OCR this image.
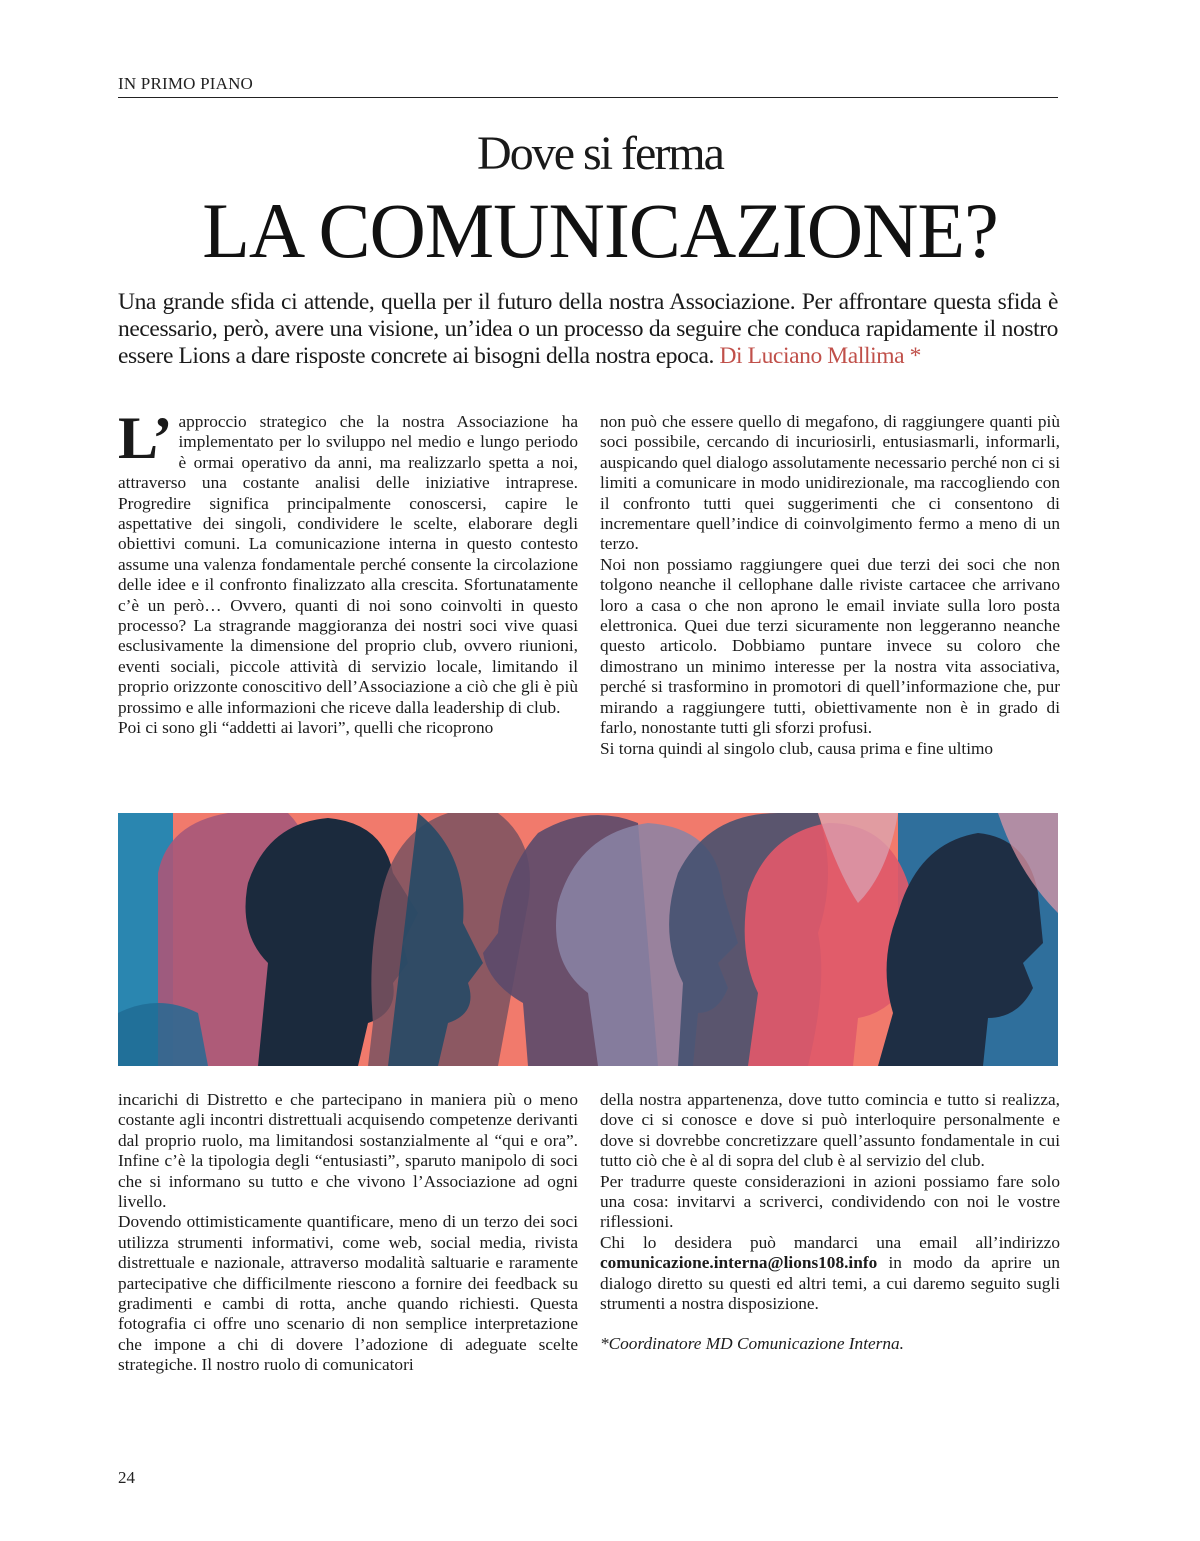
IN PRIMO PIANO
Dove si ferma
LA COMUNICAZIONE?
Una grande sfida ci attende, quella per il futuro della nostra Associazione. Per affrontare questa sfida è necessario, però, avere una visione, un’idea o un processo da seguire che conduca rapidamente il nostro essere Lions a dare risposte concrete ai bisogni della nostra epoca. Di Luciano Mallima *

L’ approccio strategico che la nostra Associazione ha implementato per lo sviluppo nel medio e lungo periodo è ormai operativo da anni, ma realizzarlo spetta a noi, attraverso una costante analisi delle iniziative intraprese. Progredire significa principalmente conoscersi, capire le aspettative dei singoli, condividere le scelte, elaborare degli obiettivi comuni. La comunicazione interna in questo contesto assume una valenza fondamentale perché consente la circolazione delle idee e il confronto finalizzato alla crescita. Sfortunatamente c’è un però… Ovvero, quanti di noi sono coinvolti in questo processo? La stragrande maggioranza dei nostri soci vive quasi esclusivamente la dimensione del proprio club, ovvero riunioni, eventi sociali, piccole attività di servizio locale, limitando il proprio orizzonte conoscitivo dell’Associazione a ciò che gli è più prossimo e alle informazioni che riceve dalla leadership di club.

Poi ci sono gli “addetti ai lavori”, quelli che ricoprono

non può che essere quello di megafono, di raggiungere quanti più soci possibile, cercando di incuriosirli, entusiasmarli, informarli, auspicando quel dialogo assolutamente necessario perché non ci si limiti a comunicare in modo unidirezionale, ma raccogliendo con il confronto tutti quei suggerimenti che ci consentono di incrementare quell’indice di coinvolgimento fermo a meno di un terzo.

Noi non possiamo raggiungere quei due terzi dei soci che non tolgono neanche il cellophane dalle riviste cartacee che arrivano loro a casa o che non aprono le email inviate sulla loro posta elettronica. Quei due terzi sicuramente non leggeranno neanche questo articolo. Dobbiamo puntare invece su coloro che dimostrano un minimo interesse per la nostra vita associativa, perché si trasformino in promotori di quell’informazione che, pur mirando a raggiungere tutti, obiettivamente non è in grado di farlo, nonostante tutti gli sforzi profusi.

Si torna quindi al singolo club, causa prima e fine ultimo

incarichi di Distretto e che partecipano in maniera più o meno costante agli incontri distrettuali acquisendo competenze derivanti dal proprio ruolo, ma limitandosi sostanzialmente al “qui e ora”. Infine c’è la tipologia degli “entusiasti”, sparuto manipolo di soci che si informano su tutto e che vivono l’Associazione ad ogni livello.

Dovendo ottimisticamente quantificare, meno di un terzo dei soci utilizza strumenti informativi, come web, social media, rivista distrettuale e nazionale, attraverso modalità saltuarie e raramente partecipative che difficilmente riescono a fornire dei feedback su gradimenti e cambi di rotta, anche quando richiesti. Questa fotografia ci offre uno scenario di non semplice interpretazione che impone a chi di dovere l’adozione di adeguate scelte strategiche. Il nostro ruolo di comunicatori

della nostra appartenenza, dove tutto comincia e tutto si realizza, dove ci si conosce e dove si può interloquire personalmente e dove si dovrebbe concretizzare quell’assunto fondamentale in cui tutto ciò che è al di sopra del club è al servizio del club.

Per tradurre queste considerazioni in azioni possiamo fare solo una cosa: invitarvi a scriverci, condividendo con noi le vostre riflessioni.

Chi lo desidera può mandarci una email all’indirizzo comunicazione.interna@lions108.info in modo da aprire un dialogo diretto su questi ed altri temi, a cui daremo seguito sugli strumenti a nostra disposizione.

*Coordinatore MD Comunicazione Interna.

24
